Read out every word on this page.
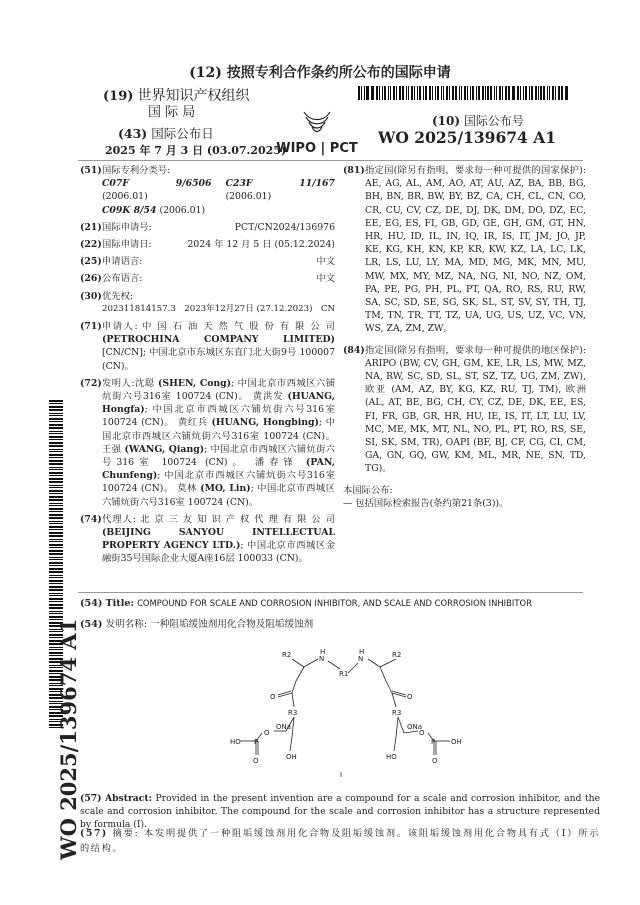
(12) 按照专利合作条约所公布的国际申请
(19) 世界知识产权组织
国 际 局
(43) 国际公布日
2025 年 7 月 3 日 (03.07.2025)
WIPO | PCT
(10) 国际公布号
WO 2025/139674 A1
(51) 国际专利分类号:
C07F 9/6506 (2006.01)
C23F 11/167 (2006.01)
C09K 8/54 (2006.01)
(21) 国际申请号:	PCT/CN2024/136976
(22) 国际申请日:	2024 年 12 月 5 日 (05.12.2024)
(25) 申请语言:	中文
(26) 公布语言:	中文
(30) 优先权:
202311814157.3 2023年12月27日 (27.12.2023) CN
(71) 申请人: 中 国 石 油 天 然 气 股 份 有 限 公 司 (PETROCHINA COMPANY LIMITED) [CN/CN]; 中国北京市东城区东直门北大街9号 100007 (CN)。
(72) 发明人:沈聪 (SHEN, Cong); 中国北京市西城区六铺炕街六号316室 100724 (CN)。 黄洪发 (HUANG, Hongfa); 中国北京市西城区六铺炕街六号316室 100724 (CN)。 黄红兵 (HUANG, Hongbing); 中国北京市西城区六铺炕街六号316室 100724 (CN)。 王强 (WANG, Qiang); 中国北京市西城区六铺炕街六号316室 100724 (CN)。 潘春锋 (PAN, Chunfeng); 中国北京市西城区六铺炕街六号316室 100724 (CN)。 莫林 (MO, Lin); 中国北京市西城区六铺炕街六号316室 100724 (CN)。
(74) 代理人: 北 京 三 友 知 识 产 权 代 理 有 限 公 司 (BEIJING SANYOU INTELLECTUAL PROPERTY AGENCY LTD.); 中国北京市西城区金融街35号国际企业大厦A座16层 100033 (CN)。
(81) 指定国(除另有指明，要求每一种可提供的国家保护): AE, AG, AL, AM, AO, AT, AU, AZ, BA, BB, BG, BH, BN, BR, BW, BY, BZ, CA, CH, CL, CN, CO, CR, CU, CV, CZ, DE, DJ, DK, DM, DO, DZ, EC, EE, EG, ES, FI, GB, GD, GE, GH, GM, GT, HN, HR, HU, ID, IL, IN, IQ, IR, IS, IT, JM, JO, JP, KE, KG, KH, KN, KP, KR, KW, KZ, LA, LC, LK, LR, LS, LU, LY, MA, MD, MG, MK, MN, MU, MW, MX, MY, MZ, NA, NG, NI, NO, NZ, OM, PA, PE, PG, PH, PL, PT, QA, RO, RS, RU, RW, SA, SC, SD, SE, SG, SK, SL, ST, SV, SY, TH, TJ, TM, TN, TR, TT, TZ, UA, UG, US, UZ, VC, VN, WS, ZA, ZM, ZW。
(84) 指定国(除另有指明，要求每一种可提供的地区保护): ARIPO (BW, CV, GH, GM, KE, LR, LS, MW, MZ, NA, RW, SC, SD, SL, ST, SZ, TZ, UG, ZM, ZW), 欧亚 (AM, AZ, BY, KG, KZ, RU, TJ, TM), 欧洲 (AL, AT, BE, BG, CH, CY, CZ, DE, DK, EE, ES, FI, FR, GB, GR, HR, HU, IE, IS, IT, LT, LU, LV, MC, ME, MK, MT, NL, NO, PL, PT, RO, RS, SE, SI, SK, SM, TR), OAPI (BF, BJ, CF, CG, CI, CM, GA, GN, GQ, GW, KM, ML, MR, NE, SN, TD, TG)。
本国际公布:
— 包括国际检索报告(条约第21条(3))。
(54) Title: COMPOUND FOR SCALE AND CORROSION INHIBITOR, AND SCALE AND CORROSION INHIBITOR
(54) 发明名称: 一种阻垢缓蚀剂用化合物及阻垢缓蚀剂
R2	N
H
R1
N
H	R2
O	O
R3	R3
ONa	ONa
O	O
P	P
HO	OH
O	O
OH	HO
I
(57) Abstract: Provided in the present invention are a compound for a scale and corrosion inhibitor, and the scale and corrosion inhibitor. The compound for the scale and corrosion inhibitor has a structure represented by formula (I).
(57) 摘要: 本发明提供了一种阻垢缓蚀剂用化合物及阻垢缓蚀剂。该阻垢缓蚀剂用化合物具有式（Ⅰ）所示的结构。
WO 2025/139674 A1
